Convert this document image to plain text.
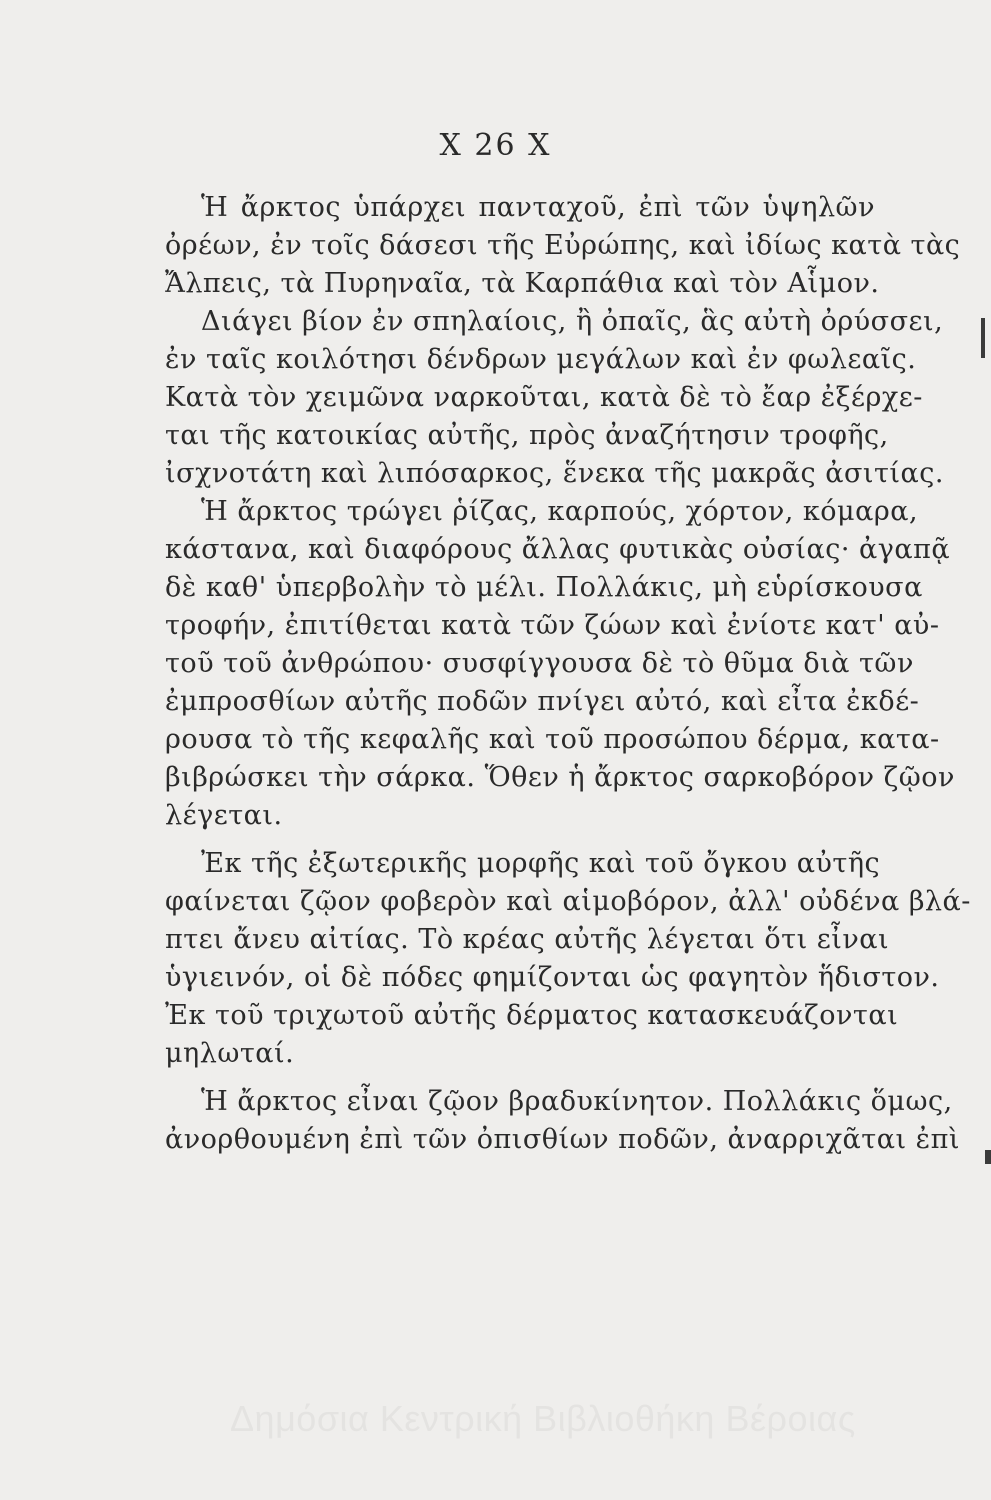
X 26 X
Ἡ ἄρκτος ὑπάρχει πανταχοῦ, ἐπὶ τῶν ὑψηλῶν
ὀρέων, ἐν τοῖς δάσεσι τῆς Εὐρώπης, καὶ ἰδίως κατὰ τὰς
Ἄλπεις, τὰ Πυρηναῖα, τὰ Καρπάθια καὶ τὸν Αἷμον.
Διάγει βίον ἐν σπηλαίοις, ἢ ὀπαῖς, ἃς αὐτὴ ὀρύσσει,
ἐν ταῖς κοιλότησι δένδρων μεγάλων καὶ ἐν φωλεαῖς.
Κατὰ τὸν χειμῶνα ναρκοῦται, κατὰ δὲ τὸ ἔαρ ἐξέρχε-
ται τῆς κατοικίας αὐτῆς, πρὸς ἀναζήτησιν τροφῆς,
ἰσχνοτάτη καὶ λιπόσαρκος, ἕνεκα τῆς μακρᾶς ἀσιτίας.
Ἡ ἄρκτος τρώγει ῥίζας, καρπούς, χόρτον, κόμαρα,
κάστανα, καὶ διαφόρους ἄλλας φυτικὰς οὐσίας· ἀγαπᾷ
δὲ καθ' ὑπερβολὴν τὸ μέλι. Πολλάκις, μὴ εὑρίσκουσα
τροφήν, ἐπιτίθεται κατὰ τῶν ζώων καὶ ἐνίοτε κατ' αὐ-
τοῦ τοῦ ἀνθρώπου· συσφίγγουσα δὲ τὸ θῦμα διὰ τῶν
ἐμπροσθίων αὐτῆς ποδῶν πνίγει αὐτό, καὶ εἶτα ἐκδέ-
ρουσα τὸ τῆς κεφαλῆς καὶ τοῦ προσώπου δέρμα, κατα-
βιβρώσκει τὴν σάρκα. Ὅθεν ἡ ἄρκτος σαρκοβόρον ζῷον
λέγεται.
Ἐκ τῆς ἐξωτερικῆς μορφῆς καὶ τοῦ ὄγκου αὐτῆς
φαίνεται ζῷον φοβερὸν καὶ αἱμοβόρον, ἀλλ' οὐδένα βλά-
πτει ἄνευ αἰτίας. Τὸ κρέας αὐτῆς λέγεται ὅτι εἶναι
ὑγιεινόν, οἱ δὲ πόδες φημίζονται ὡς φαγητὸν ἥδιστον.
Ἐκ τοῦ τριχωτοῦ αὐτῆς δέρματος κατασκευάζονται
μηλωταί.
Ἡ ἄρκτος εἶναι ζῷον βραδυκίνητον. Πολλάκις ὅμως,
ἀνορθουμένη ἐπὶ τῶν ὀπισθίων ποδῶν, ἀναρριχᾶται ἐπὶ
Δημόσια Κεντρική Βιβλιοθήκη Βέροιας
